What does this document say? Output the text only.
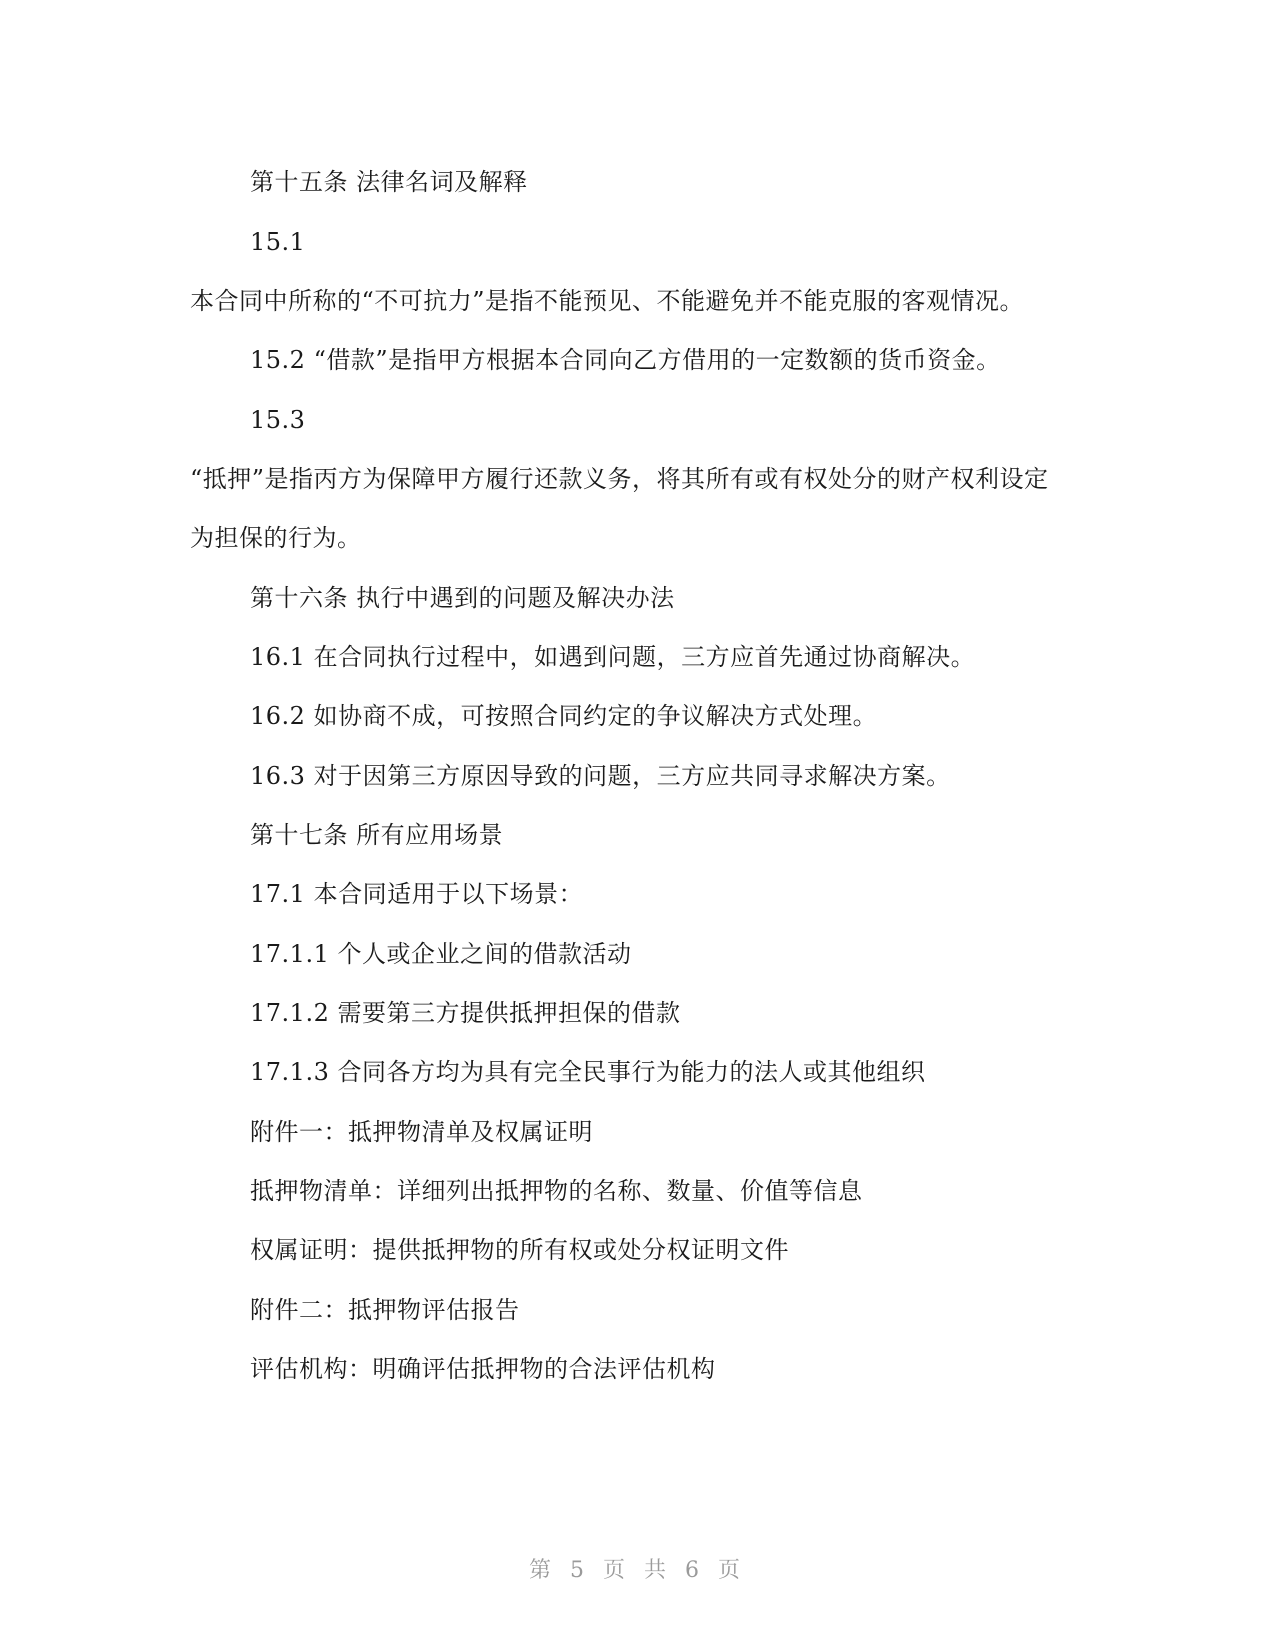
第十五条 法律名词及解释
15.1
本合同中所称的“不可抗力”是指不能预见、不能避免并不能克服的客观情况。
15.2 “借款”是指甲方根据本合同向乙方借用的一定数额的货币资金。
15.3
“抵押”是指丙方为保障甲方履行还款义务，将其所有或有权处分的财产权利设定
为担保的行为。
第十六条 执行中遇到的问题及解决办法
16.1 在合同执行过程中，如遇到问题，三方应首先通过协商解决。
16.2 如协商不成，可按照合同约定的争议解决方式处理。
16.3 对于因第三方原因导致的问题，三方应共同寻求解决方案。
第十七条 所有应用场景
17.1 本合同适用于以下场景：
17.1.1 个人或企业之间的借款活动
17.1.2 需要第三方提供抵押担保的借款
17.1.3 合同各方均为具有完全民事行为能力的法人或其他组织
附件一：抵押物清单及权属证明
抵押物清单：详细列出抵押物的名称、数量、价值等信息
权属证明：提供抵押物的所有权或处分权证明文件
附件二：抵押物评估报告
评估机构：明确评估抵押物的合法评估机构
第 5 页 共 6 页
